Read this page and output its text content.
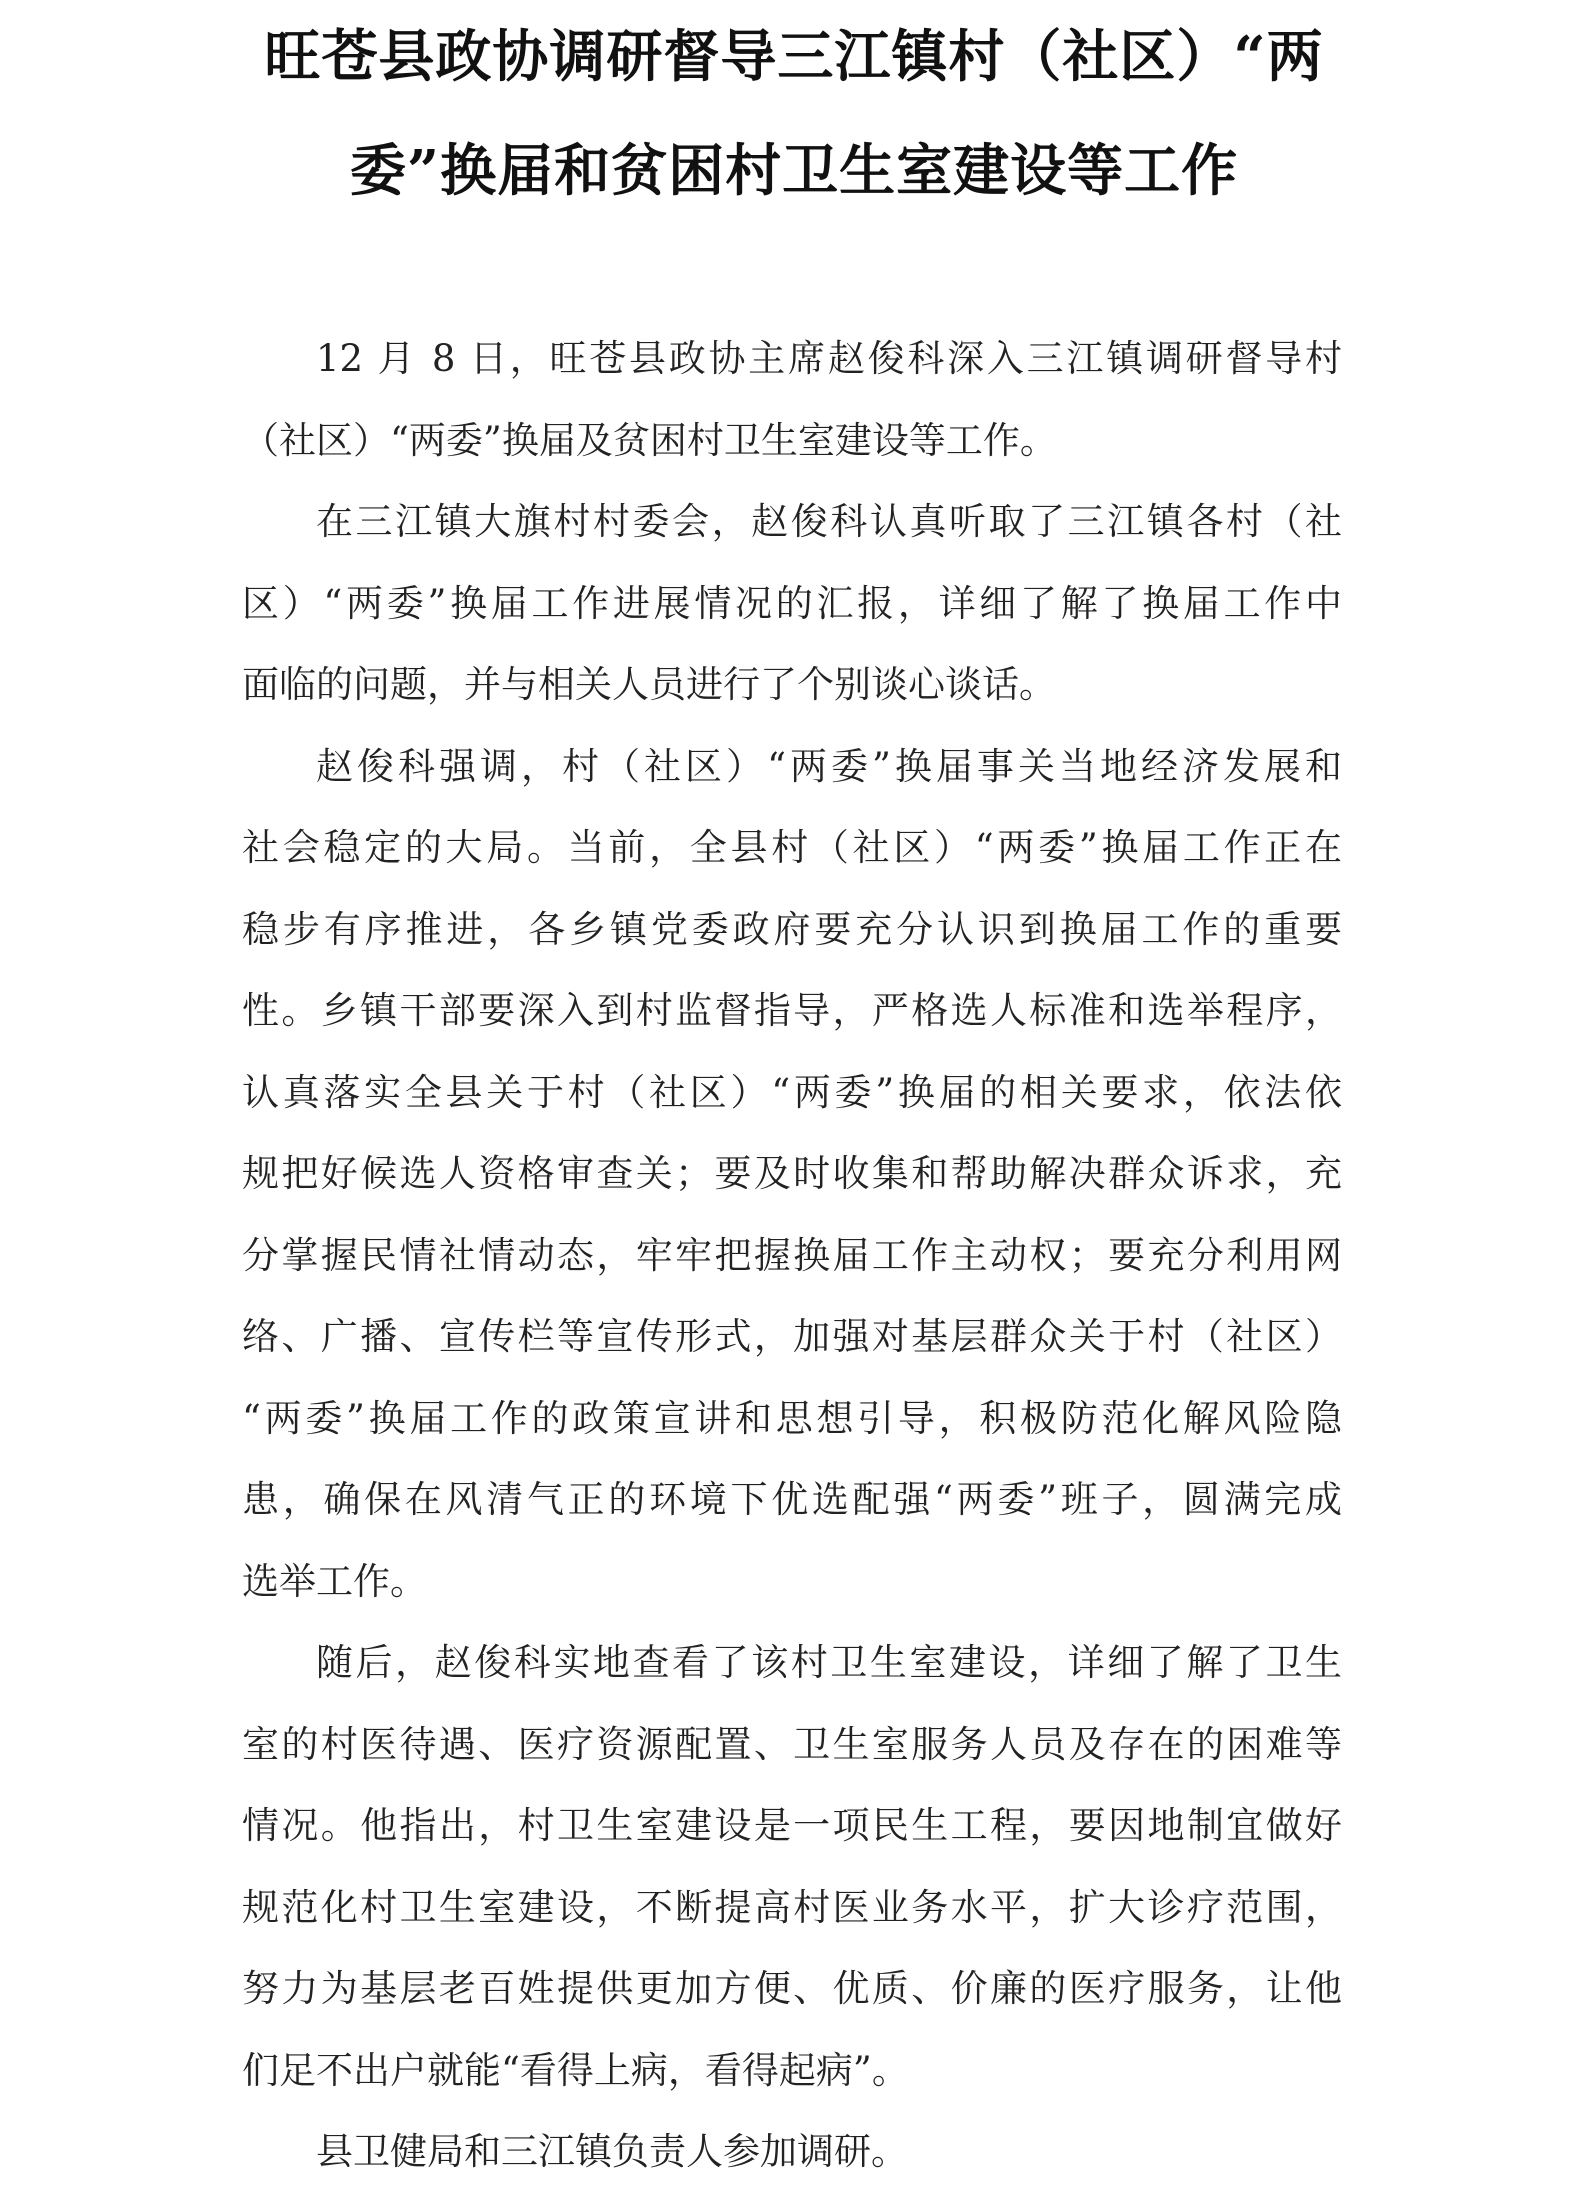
旺苍县政协调研督导三江镇村（社区）“两
委”换届和贫困村卫生室建设等工作

12 月 8 日，旺苍县政协主席赵俊科深入三江镇调研督导村
（社区）“两委”换届及贫困村卫生室建设等工作。

在三江镇大旗村村委会，赵俊科认真听取了三江镇各村（社
区）“两委”换届工作进展情况的汇报，详细了解了换届工作中
面临的问题，并与相关人员进行了个别谈心谈话。

赵俊科强调，村（社区）“两委”换届事关当地经济发展和
社会稳定的大局。当前，全县村（社区）“两委”换届工作正在
稳步有序推进，各乡镇党委政府要充分认识到换届工作的重要
性。乡镇干部要深入到村监督指导，严格选人标准和选举程序，
认真落实全县关于村（社区）“两委”换届的相关要求，依法依
规把好候选人资格审查关；要及时收集和帮助解决群众诉求，充
分掌握民情社情动态，牢牢把握换届工作主动权；要充分利用网
络、广播、宣传栏等宣传形式，加强对基层群众关于村（社区）
“两委”换届工作的政策宣讲和思想引导，积极防范化解风险隐
患，确保在风清气正的环境下优选配强“两委”班子，圆满完成
选举工作。

随后，赵俊科实地查看了该村卫生室建设，详细了解了卫生
室的村医待遇、医疗资源配置、卫生室服务人员及存在的困难等
情况。他指出，村卫生室建设是一项民生工程，要因地制宜做好
规范化村卫生室建设，不断提高村医业务水平，扩大诊疗范围，
努力为基层老百姓提供更加方便、优质、价廉的医疗服务，让他
们足不出户就能“看得上病，看得起病”。

县卫健局和三江镇负责人参加调研。
